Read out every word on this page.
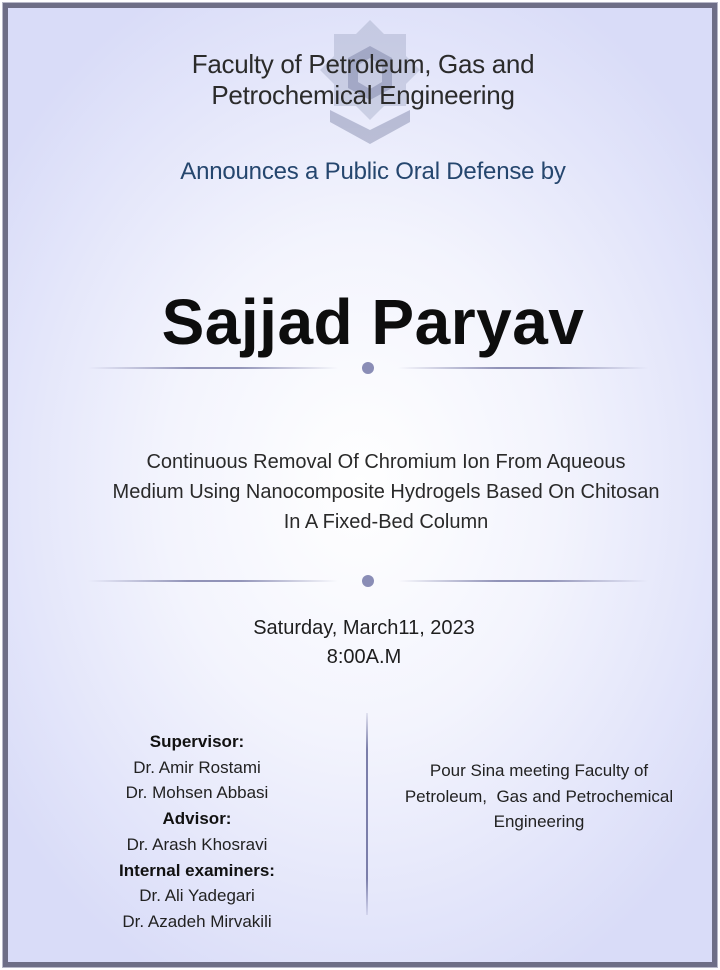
Faculty of Petroleum, Gas and
Petrochemical Engineering
Announces a Public Oral Defense by
Sajjad Paryav
Continuous Removal Of Chromium Ion From Aqueous
Medium Using Nanocomposite Hydrogels Based On Chitosan
In A Fixed-Bed Column
Saturday, March11, 2023
8:00A.M
Supervisor:
Dr. Amir Rostami
Dr. Mohsen Abbasi
Advisor:
Dr. Arash Khosravi
Internal examiners:
Dr. Ali Yadegari
Dr. Azadeh Mirvakili
Pour Sina meeting Faculty of
Petroleum,  Gas and Petrochemical
Engineering
